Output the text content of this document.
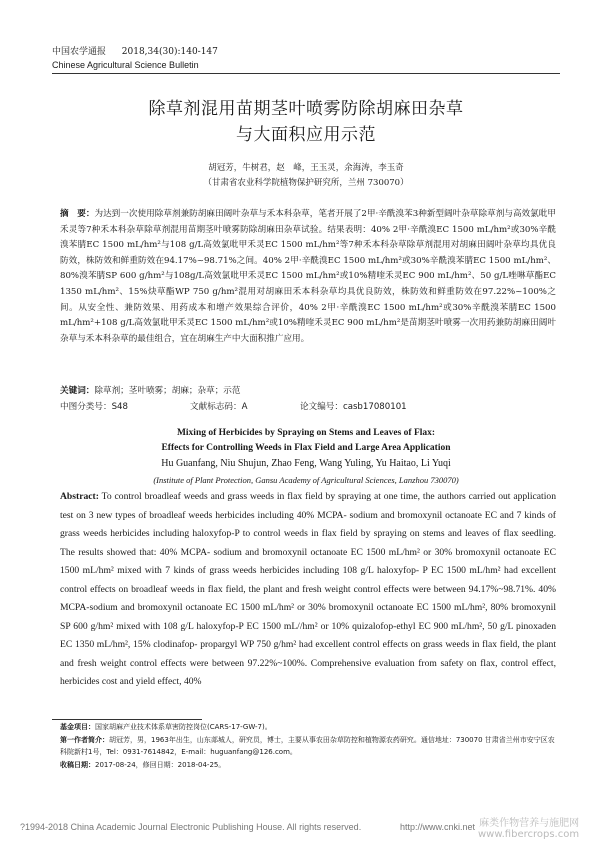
中国农学通报 2018,34(30):140-147
Chinese Agricultural Science Bulletin
除草剂混用苗期茎叶喷雾防除胡麻田杂草
与大面积应用示范
胡冠芳，牛树君，赵　峰，王玉灵，余海涛，李玉奇
（甘肃省农业科学院植物保护研究所，兰州 730070）
摘　要：为达到一次使用除草剂兼防胡麻田阔叶杂草与禾本科杂草，笔者开展了2甲·辛酰溴苯3种新型阔叶杂草除草剂与高效氯吡甲禾灵等7种禾本科杂草除草剂混用苗期茎叶喷雾防除胡麻田杂草试验。结果表明：40% 2甲·辛酰溴EC 1500 mL/hm²或30%辛酰溴苯腈EC 1500 mL/hm²与108 g/L高效氯吡甲禾灵EC 1500 mL/hm²等7种禾本科杂草除草剂混用对胡麻田阔叶杂草均具优良防效，株防效和鲜重防效在94.17%~98.71%之间。40% 2甲·辛酰溴EC 1500 mL/hm²或30%辛酰溴苯腈EC 1500 mL/hm²、80%溴苯腈SP 600 g/hm²与108g/L高效氯吡甲禾灵EC 1500 mL/hm²或10%精喹禾灵EC 900 mL/hm²、50 g/L唑啉草酯EC 1350 mL/hm²、15%炔草酯WP 750 g/hm²混用对胡麻田禾本科杂草均具优良防效，株防效和鲜重防效在97.22%~100%之间。从安全性、兼防效果、用药成本和增产效果综合评价，40% 2甲·辛酰溴EC 1500 mL/hm²或30%辛酰溴苯腈EC 1500 mL/hm²+108 g/L高效氯吡甲禾灵EC 1500 mL/hm²或10%精喹禾灵EC 900 mL/hm²是苗期茎叶喷雾一次用药兼防胡麻田阔叶杂草与禾本科杂草的最佳组合，宜在胡麻生产中大面积推广应用。
关键词：除草剂；茎叶喷雾；胡麻；杂草；示范
中图分类号：S48	文献标志码：A	论文编号：casb17080101
Mixing of Herbicides by Spraying on Stems and Leaves of Flax:
Effects for Controlling Weeds in Flax Field and Large Area Application
Hu Guanfang, Niu Shujun, Zhao Feng, Wang Yuling, Yu Haitao, Li Yuqi
(Institute of Plant Protection, Gansu Academy of Agricultural Sciences, Lanzhou 730070)
Abstract: To control broadleaf weeds and grass weeds in flax field by spraying at one time, the authors carried out application test on 3 new types of broadleaf weeds herbicides including 40% MCPA- sodium and bromoxynil octanoate EC and 7 kinds of grass weeds herbicides including haloxyfop-P to control weeds in flax field by spraying on stems and leaves of flax seedling. The results showed that: 40% MCPA- sodium and bromoxynil octanoate EC 1500 mL/hm² or 30% bromoxynil octanoate EC 1500 mL/hm² mixed with 7 kinds of grass weeds herbicides including 108 g/L haloxyfop- P EC 1500 mL/hm² had excellent control effects on broadleaf weeds in flax field, the plant and fresh weight control effects were between 94.17%~98.71%. 40% MCPA-sodium and bromoxynil octanoate EC 1500 mL/hm² or 30% bromoxynil octanoate EC 1500 mL/hm², 80% bromoxynil SP 600 g/hm² mixed with 108 g/L haloxyfop-P EC 1500 mL//hm² or 10% quizalofop-ethyl EC 900 mL/hm², 50 g/L pinoxaden EC 1350 mL/hm², 15% clodinafop- propargyl WP 750 g/hm² had excellent control effects on grass weeds in flax field, the plant and fresh weight control effects were between 97.22%~100%. Comprehensive evaluation from safety on flax, control effect, herbicides cost and yield effect, 40%

基金项目：国家胡麻产业技术体系草害防控岗位(CARS-17-GW-7)。

第一作者简介：胡冠芳，男，1963年出生，山东郯城人，研究员，博士，主要从事农田杂草防控和植物源农药研究。通信地址：730070 甘肃省兰州市安宁区农科院新村1号，Tel：0931-7614842，E-mail：huguanfang@126.com。

收稿日期：2017-08-24，修回日期：2018-04-25。

?1994-2018 China Academic Journal Electronic Publishing House. All rights reserved.	http://www.cnki.net 麻类作物营养与施肥网
www.fibercrops.com
